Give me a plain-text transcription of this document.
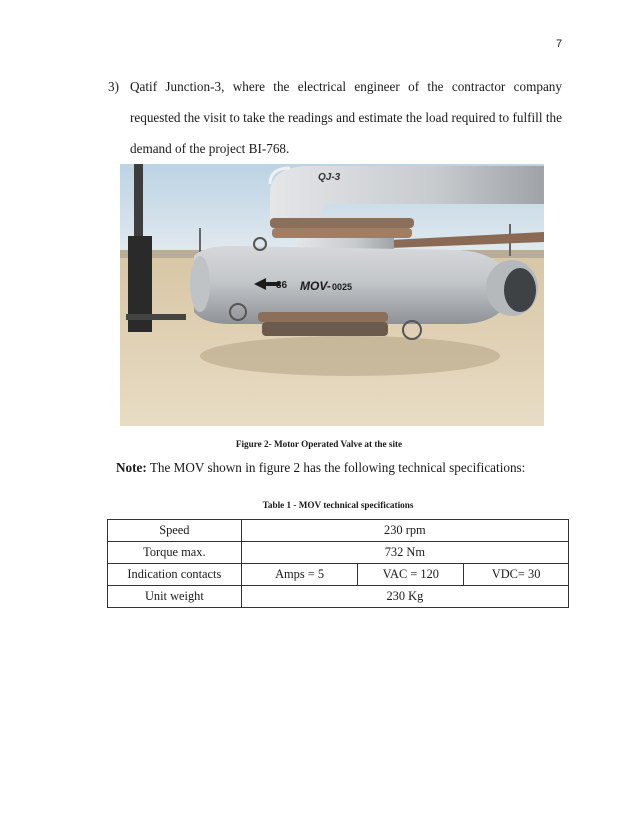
7
3) Qatif Junction-3, where the electrical engineer of the contractor company requested the visit to take the readings and estimate the load required to fulfill the demand of the project BI-768.
36 MOV- 0025
QJ-3
Figure 2- Motor Operated Valve at the site
Note: The MOV shown in figure 2 has the following technical specifications:
Table 1 - MOV technical specifications
Speed	230 rpm		
Torque max.	732 Nm		
Indication contacts	Amps = 5	VAC = 120	VDC= 30
Unit weight	230 Kg		
